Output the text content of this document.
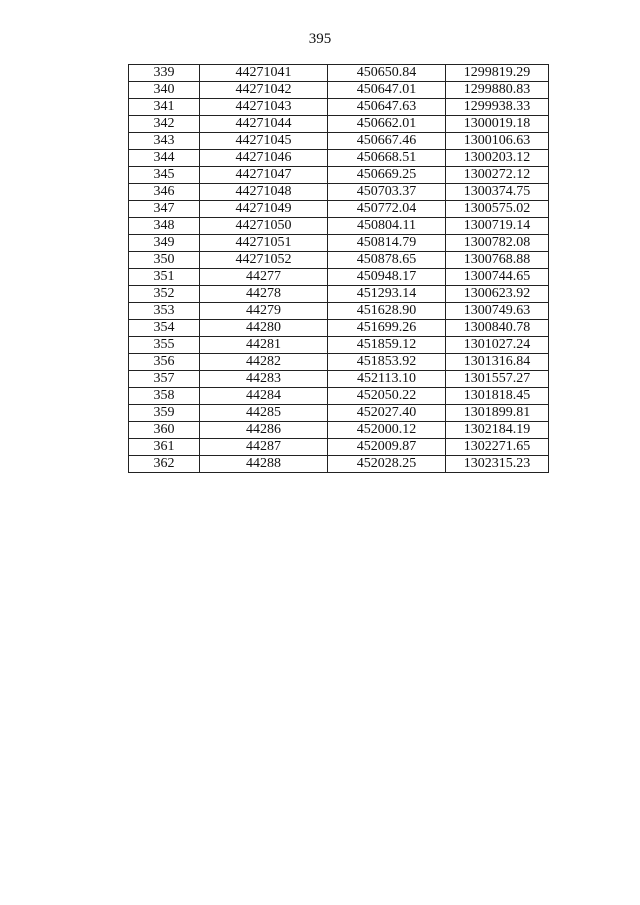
395
339	44271041	450650.84	1299819.29
340	44271042	450647.01	1299880.83
341	44271043	450647.63	1299938.33
342	44271044	450662.01	1300019.18
343	44271045	450667.46	1300106.63
344	44271046	450668.51	1300203.12
345	44271047	450669.25	1300272.12
346	44271048	450703.37	1300374.75
347	44271049	450772.04	1300575.02
348	44271050	450804.11	1300719.14
349	44271051	450814.79	1300782.08
350	44271052	450878.65	1300768.88
351	44277	450948.17	1300744.65
352	44278	451293.14	1300623.92
353	44279	451628.90	1300749.63
354	44280	451699.26	1300840.78
355	44281	451859.12	1301027.24
356	44282	451853.92	1301316.84
357	44283	452113.10	1301557.27
358	44284	452050.22	1301818.45
359	44285	452027.40	1301899.81
360	44286	452000.12	1302184.19
361	44287	452009.87	1302271.65
362	44288	452028.25	1302315.23
